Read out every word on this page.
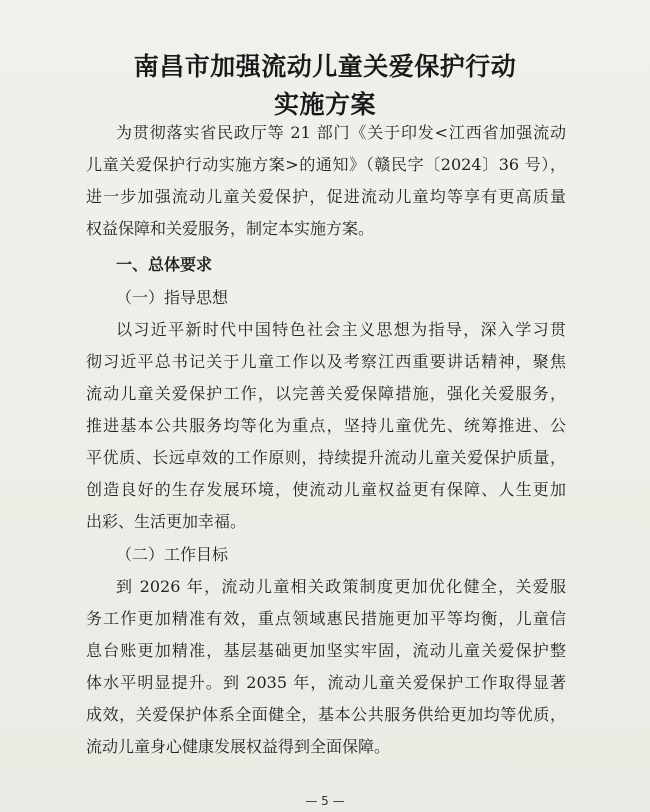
南昌市加强流动儿童关爱保护行动
实施方案
为贯彻落实省民政厅等 21 部门《关于印发<江西省加强流动
儿童关爱保护行动实施方案>的通知》（赣民字〔2024〕36 号），
进一步加强流动儿童关爱保护，促进流动儿童均等享有更高质量
权益保障和关爱服务，制定本实施方案。
一、总体要求
（一）指导思想
以习近平新时代中国特色社会主义思想为指导，深入学习贯
彻习近平总书记关于儿童工作以及考察江西重要讲话精神，聚焦
流动儿童关爱保护工作，以完善关爱保障措施，强化关爱服务，
推进基本公共服务均等化为重点，坚持儿童优先、统筹推进、公
平优质、长远卓效的工作原则，持续提升流动儿童关爱保护质量，
创造良好的生存发展环境，使流动儿童权益更有保障、人生更加
出彩、生活更加幸福。
（二）工作目标
到 2026 年，流动儿童相关政策制度更加优化健全，关爱服
务工作更加精准有效，重点领域惠民措施更加平等均衡，儿童信
息台账更加精准，基层基础更加坚实牢固，流动儿童关爱保护整
体水平明显提升。到 2035 年，流动儿童关爱保护工作取得显著
成效，关爱保护体系全面健全，基本公共服务供给更加均等优质，
流动儿童身心健康发展权益得到全面保障。
— 5 —
